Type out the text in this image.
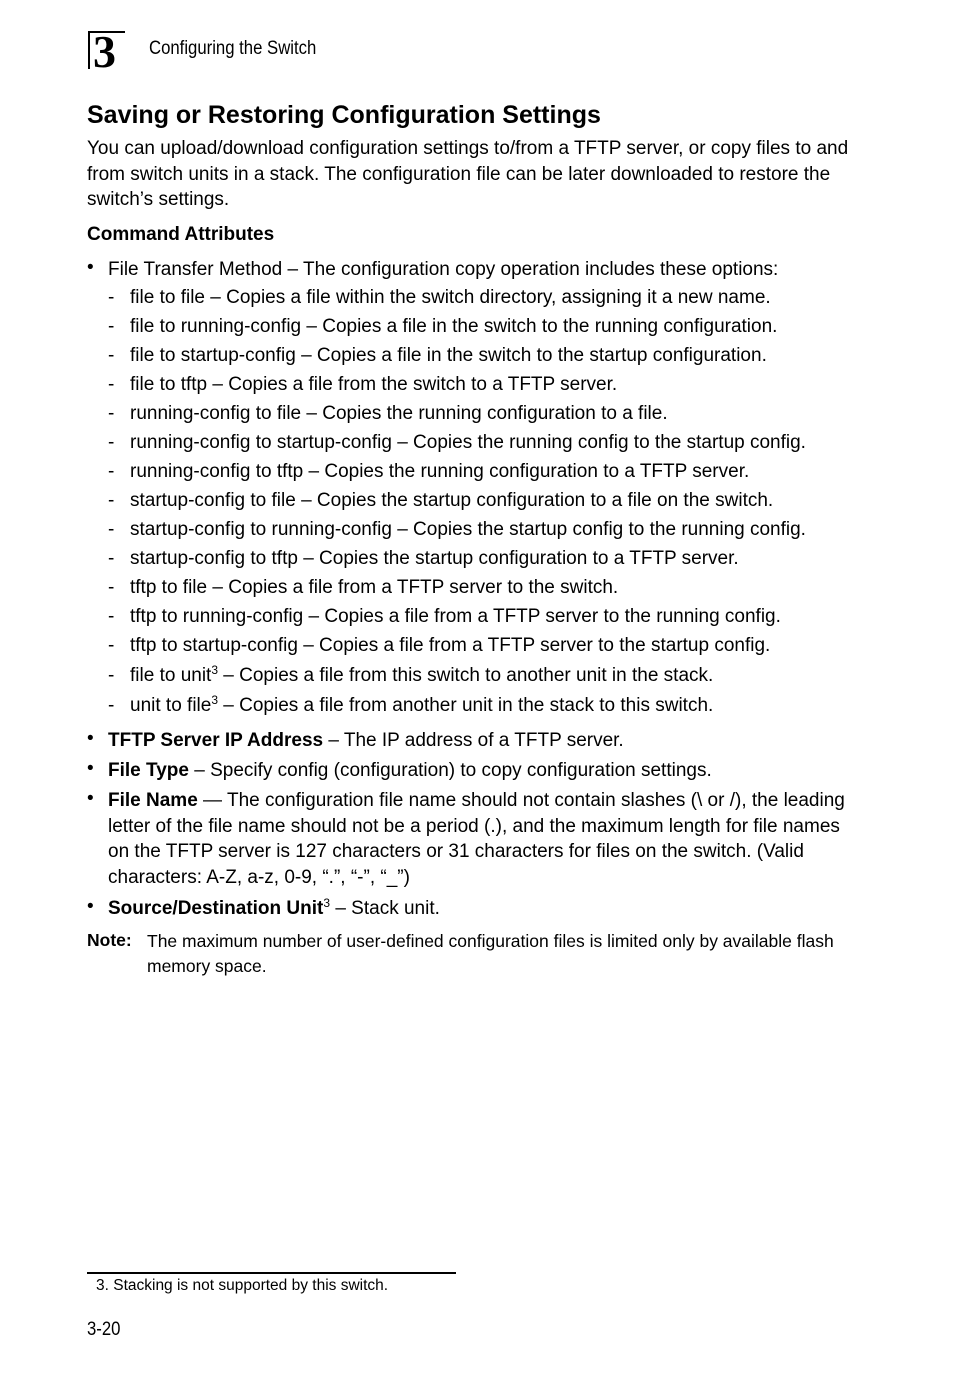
3 Configuring the Switch
Saving or Restoring Configuration Settings
You can upload/download configuration settings to/from a TFTP server, or copy files to and from switch units in a stack. The configuration file can be later downloaded to restore the switch’s settings.
Command Attributes
• File Transfer Method – The configuration copy operation includes these options:
- file to file – Copies a file within the switch directory, assigning it a new name.
- file to running-config – Copies a file in the switch to the running configuration.
- file to startup-config – Copies a file in the switch to the startup configuration.
- file to tftp – Copies a file from the switch to a TFTP server.
- running-config to file – Copies the running configuration to a file.
- running-config to startup-config – Copies the running config to the startup config.
- running-config to tftp – Copies the running configuration to a TFTP server.
- startup-config to file – Copies the startup configuration to a file on the switch.
- startup-config to running-config – Copies the startup config to the running config.
- startup-config to tftp – Copies the startup configuration to a TFTP server.
- tftp to file – Copies a file from a TFTP server to the switch.
- tftp to running-config – Copies a file from a TFTP server to the running config.
- tftp to startup-config – Copies a file from a TFTP server to the startup config.
- file to unit$^3$ – Copies a file from this switch to another unit in the stack.
- unit to file$^3$ – Copies a file from another unit in the stack to this switch.
• TFTP Server IP Address – The IP address of a TFTP server.
• File Type – Specify config (configuration) to copy configuration settings.
• File Name — The configuration file name should not contain slashes (\ or /), the leading letter of the file name should not be a period (.), and the maximum length for file names on the TFTP server is 127 characters or 31 characters for files on the switch. (Valid characters: A-Z, a-z, 0-9, “.”, “-”, “_”)
• Source/Destination Unit$^3$ – Stack unit.
Note: The maximum number of user-defined configuration files is limited only by available flash memory space.
3. Stacking is not supported by this switch.
3-20
